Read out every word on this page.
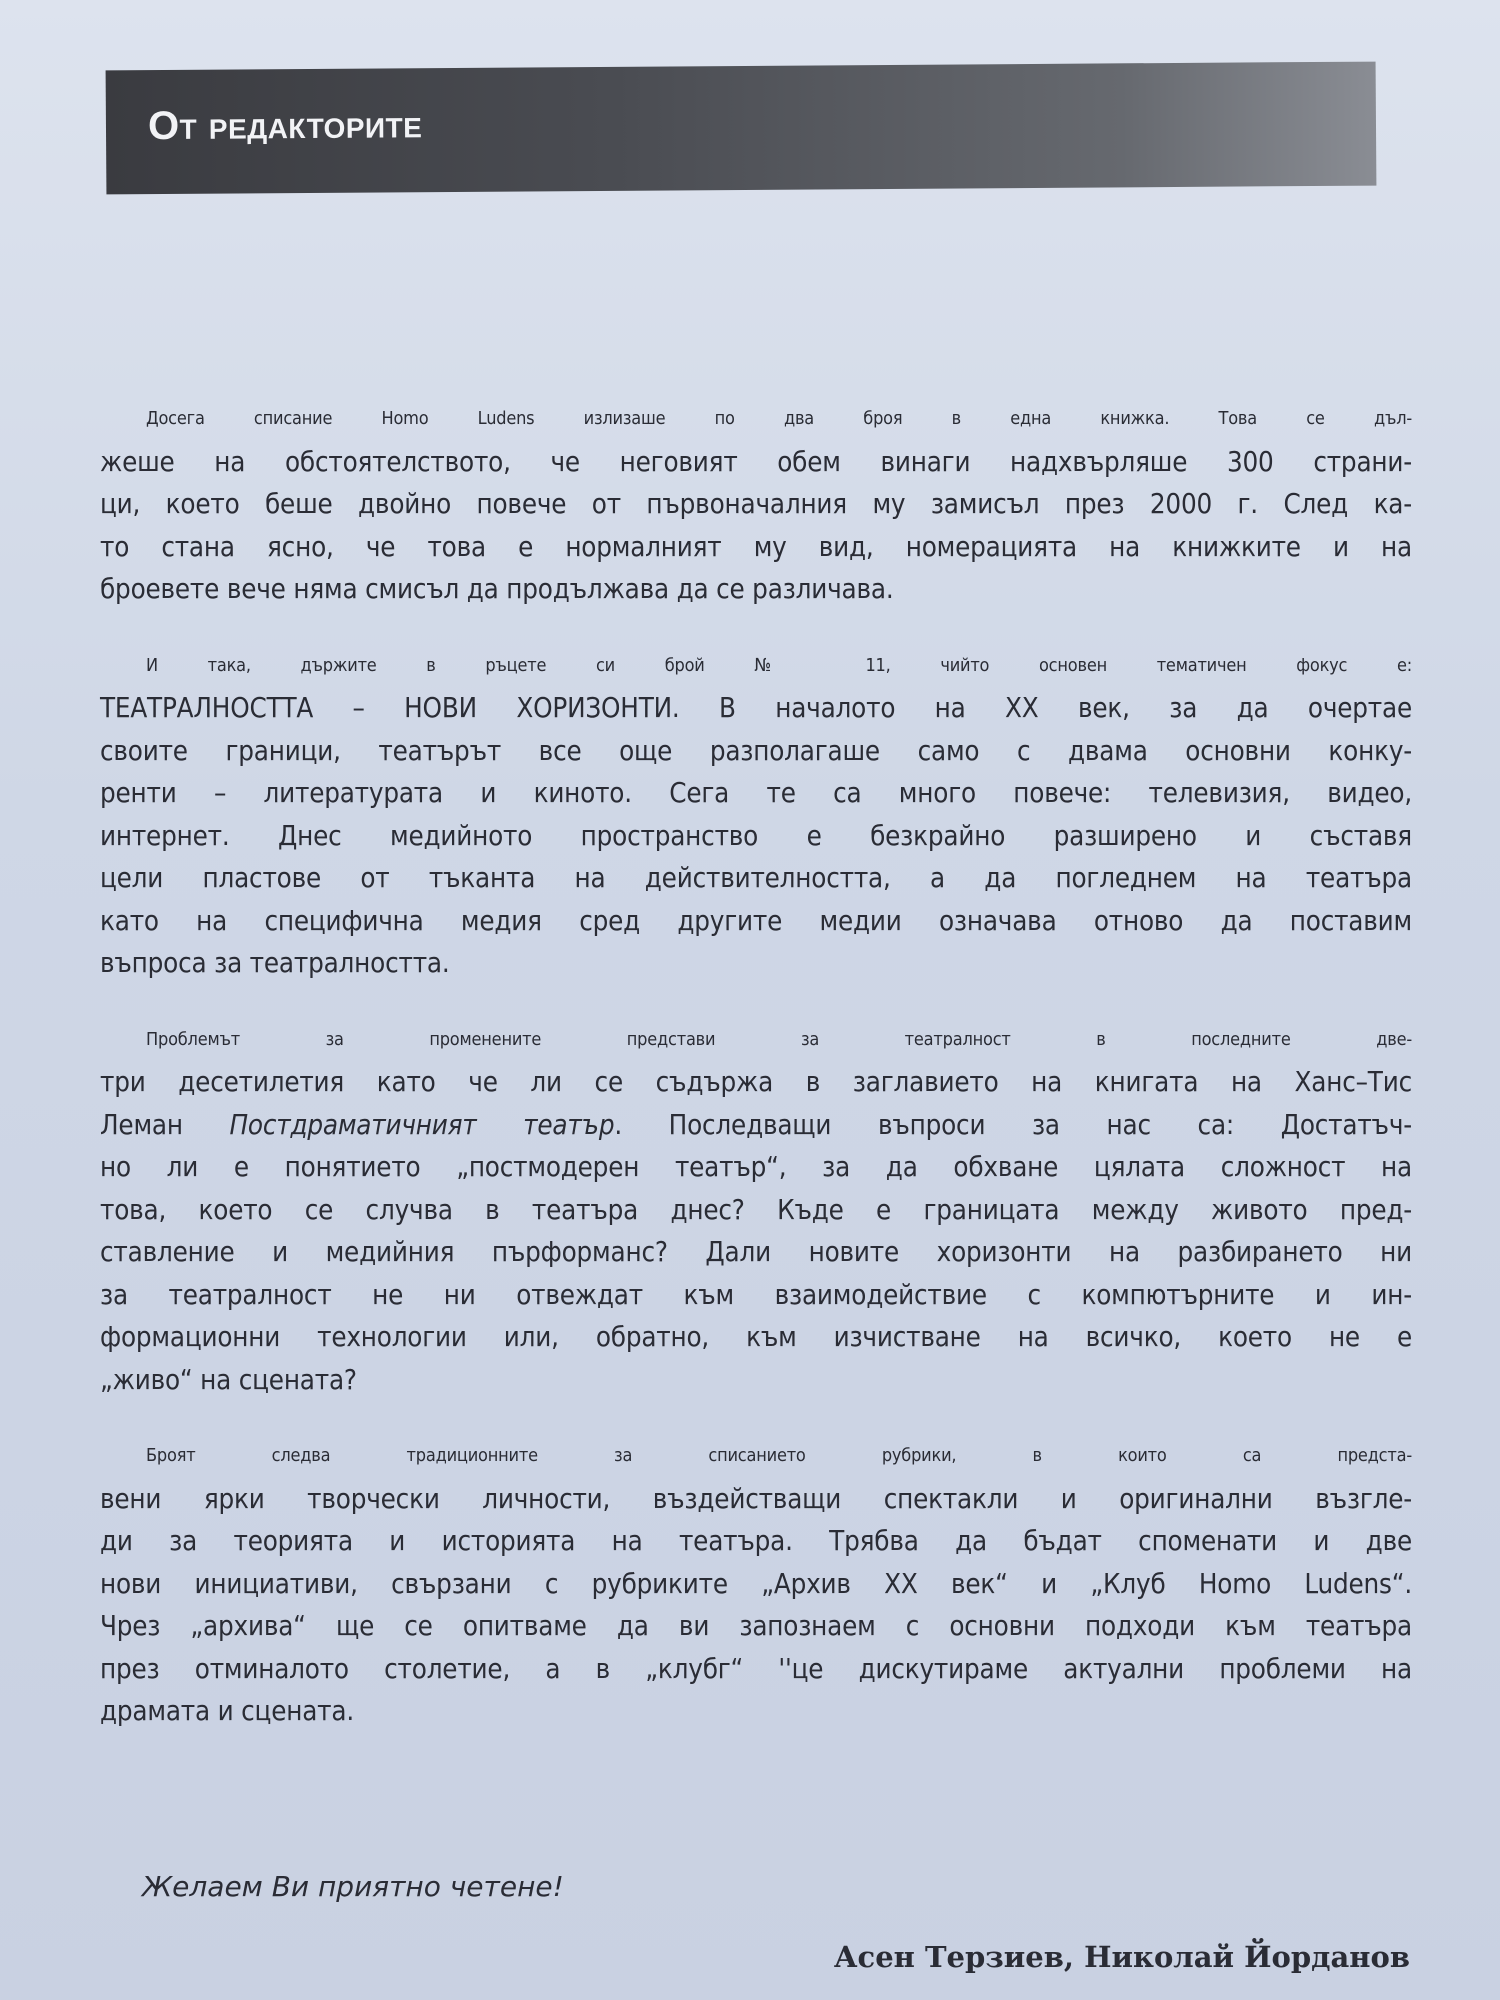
От редакторите

Досега списание Homo Ludens излизаше по два броя в една книжка. Това се дъл-
жеше на обстоятелството, че неговият обем винаги надхвърляше 300 страни-
ци, което беше двойно повече от първоначалния му замисъл през 2000 г. След ка-
то стана ясно, че това е нормалният му вид, номерацията на книжките и на
броевете вече няма смисъл да продължава да се различава.

И така, държите в ръцете си брой № 11, чийто основен тематичен фокус е:
ТЕАТРАЛНОСТТА – НОВИ ХОРИЗОНТИ. В началото на XX век, за да очертае
своите граници, театърът все още разполагаше само с двама основни конку-
ренти – литературата и киното. Сега те са много повече: телевизия, видео,
интернет. Днес медийното пространство е безкрайно разширено и съставя
цели пластове от тъканта на действителността, а да погледнем на театъра
като на специфична медия сред другите медии означава отново да поставим
въпроса за театралността.

Проблемът за променените представи за театралност в последните две-
три десетилетия като че ли се съдържа в заглавието на книгата на Ханс–Тис
Леман Постдраматичният театър. Последващи въпроси за нас са: Достатъч-
но ли е понятието „постмодерен театър“, за да обхване цялата сложност на
това, което се случва в театъра днес? Къде е границата между живото пред-
ставление и медийния пърформанс? Дали новите хоризонти на разбирането ни
за театралност не ни отвеждат към взаимодействие с компютърните и ин-
формационни технологии или, обратно, към изчистване на всичко, което не е
„живо“ на сцената?

Броят следва традиционните за списанието рубрики, в които са предста-
вени ярки творчески личности, въздействащи спектакли и оригинални възгле-
ди за теорията и историята на театъра. Трябва да бъдат споменати и две
нови инициативи, свързани с рубриките „Архив XX век“ и „Клуб Homo Ludens“.
Чрез „архива“ ще се опитваме да ви запознаем с основни подходи към театъра
през отминалото столетие, а в „клубг“ ''це дискутираме актуални проблеми на
драмата и сцената.

Желаем Ви приятно четене!
Асен Терзиев, Николай Йорданов
